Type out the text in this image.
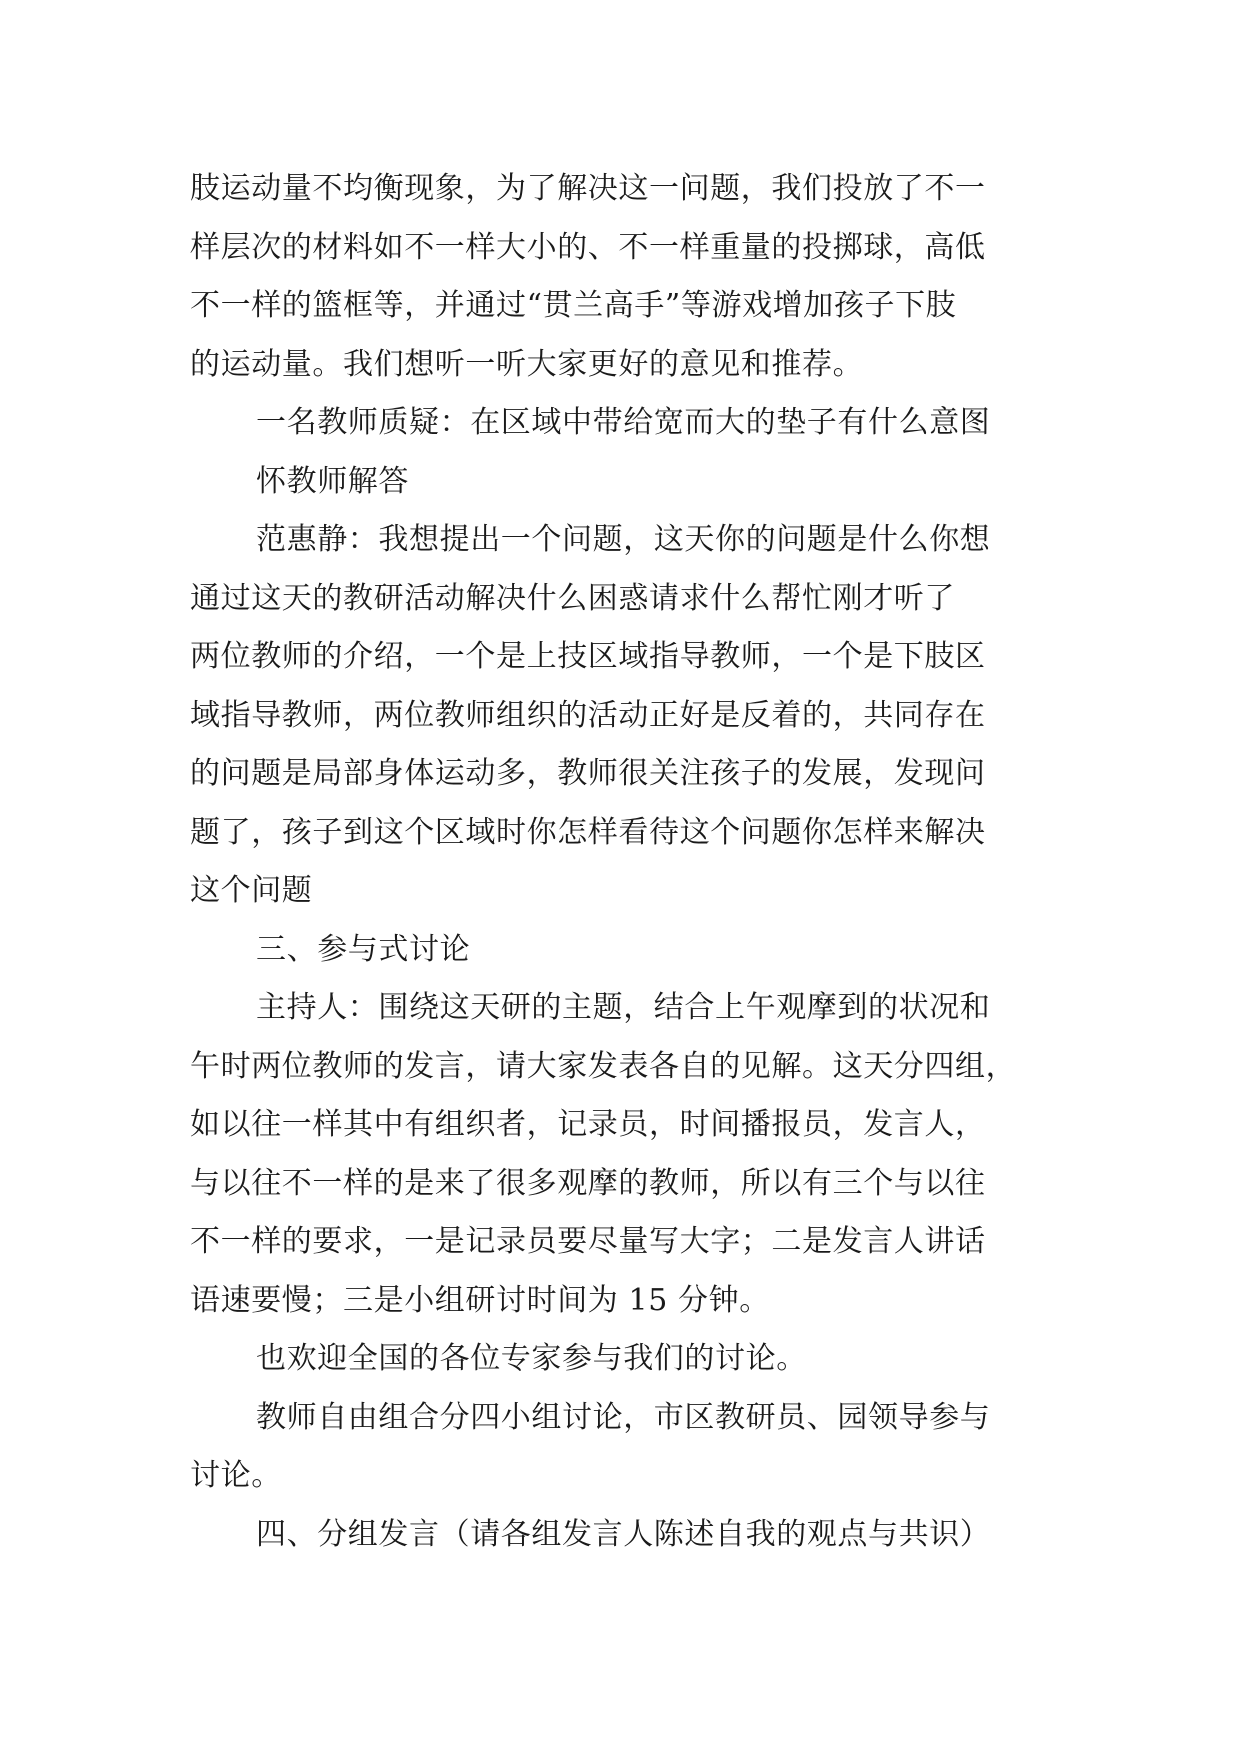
肢运动量不均衡现象，为了解决这一问题，我们投放了不一
样层次的材料如不一样大小的、不一样重量的投掷球，高低
不一样的篮框等，并通过“贯兰高手”等游戏增加孩子下肢
的运动量。我们想听一听大家更好的意见和推荐。
一名教师质疑：在区域中带给宽而大的垫子有什么意图
怀教师解答
范惠静：我想提出一个问题，这天你的问题是什么你想
通过这天的教研活动解决什么困惑请求什么帮忙刚才听了
两位教师的介绍，一个是上技区域指导教师，一个是下肢区
域指导教师，两位教师组织的活动正好是反着的，共同存在
的问题是局部身体运动多，教师很关注孩子的发展，发现问
题了，孩子到这个区域时你怎样看待这个问题你怎样来解决
这个问题
三、参与式讨论
主持人：围绕这天研的主题，结合上午观摩到的状况和
午时两位教师的发言，请大家发表各自的见解。这天分四组，
如以往一样其中有组织者，记录员，时间播报员，发言人，
与以往不一样的是来了很多观摩的教师，所以有三个与以往
不一样的要求，一是记录员要尽量写大字；二是发言人讲话
语速要慢；三是小组研讨时间为 15 分钟。
也欢迎全国的各位专家参与我们的讨论。
教师自由组合分四小组讨论，市区教研员、园领导参与
讨论。
四、分组发言（请各组发言人陈述自我的观点与共识）
